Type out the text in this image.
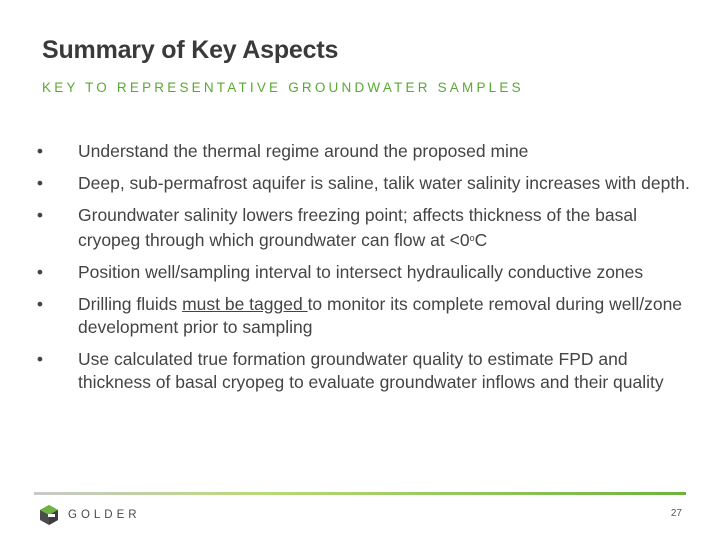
Summary of Key Aspects
KEY TO REPRESENTATIVE GROUNDWATER SAMPLES
• Understand the thermal regime around the proposed mine
• Deep, sub-permafrost aquifer is saline, talik water salinity increases with depth.
• Groundwater salinity lowers freezing point; affects thickness of the basal cryopeg through which groundwater can flow at $<0^oC$
• Position well/sampling interval to intersect hydraulically conductive zones
• Drilling fluids must be tagged to monitor its complete removal during well/zone development prior to sampling
• Use calculated true formation groundwater quality to estimate FPD and thickness of basal cryopeg to evaluate groundwater inflows and their quality
GOLDER	27
